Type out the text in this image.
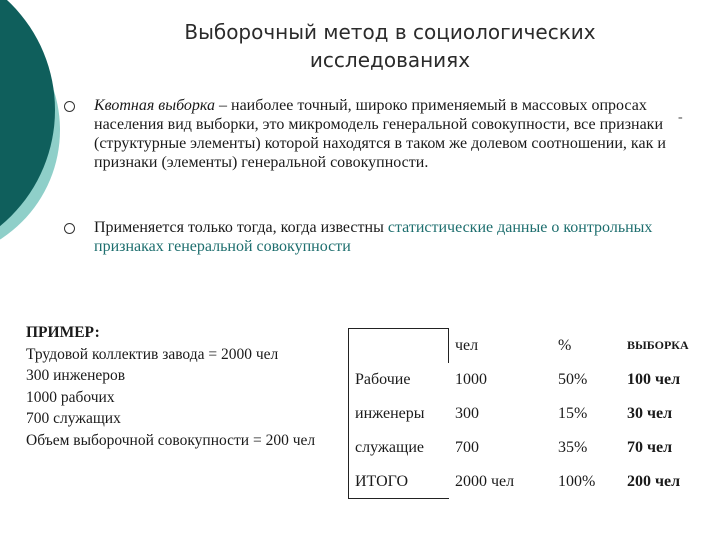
Выборочный метод в социологических исследованиях
Квотная выборка – наиболее точный, широко применяемый в массовых опросах населения вид выборки, это микромодель генеральной совокупности, все признаки (структурные элементы) которой находятся в таком же долевом соотношении, как и признаки (элементы) генеральной совокупности.
-
Применяется только тогда, когда известны статистические данные о контрольных признаках генеральной совокупности
ПРИМЕР:
Трудовой коллектив завода = 2000 чел
300 инженеров
1000 рабочих
700 служащих
Объем выборочной совокупности = 200 чел
	чел	%	ВЫБОРКА
Рабочие	1000	50%	100 чел
инженеры	300	15%	30 чел
служащие	700	35%	70 чел
ИТОГО	2000 чел	100%	200 чел
